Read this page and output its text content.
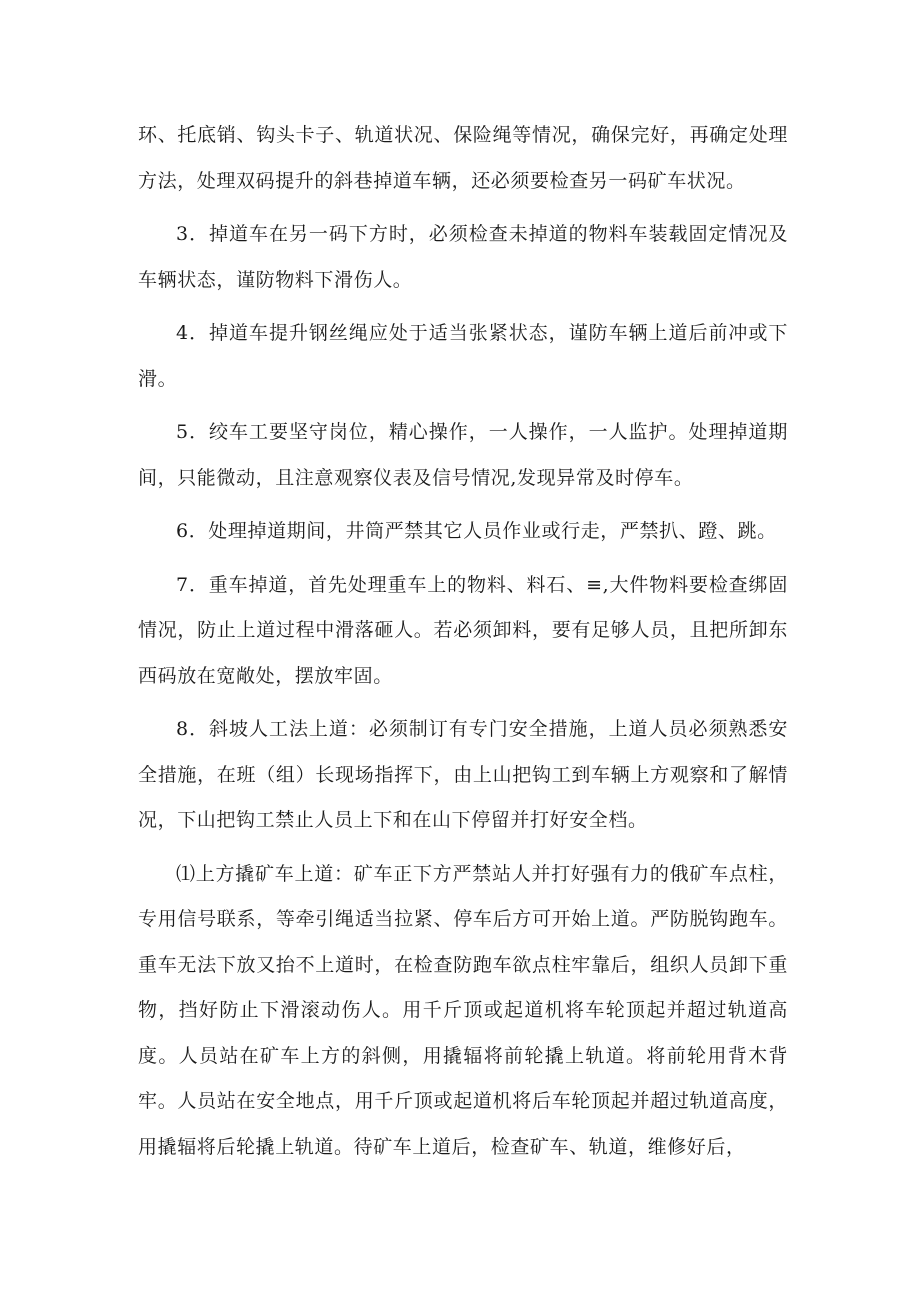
环、托底销、钩头卡子、轨道状况、保险绳等情况，确保完好，再确定处理方法，处理双码提升的斜巷掉道车辆，还必须要检查另一码矿车状况。

3．掉道车在另一码下方时，必须检查未掉道的物料车装载固定情况及车辆状态，谨防物料下滑伤人。

4．掉道车提升钢丝绳应处于适当张紧状态，谨防车辆上道后前冲或下滑。

5．绞车工要坚守岗位，精心操作，一人操作，一人监护。处理掉道期间，只能微动，且注意观察仪表及信号情况,发现异常及时停车。

6．处理掉道期间，井筒严禁其它人员作业或行走，严禁扒、蹬、跳。

7．重车掉道，首先处理重车上的物料、料石、≡,大件物料要检查绑固情况，防止上道过程中滑落砸人。若必须卸料，要有足够人员，且把所卸东西码放在宽敞处，摆放牢固。

8．斜坡人工法上道：必须制订有专门安全措施，上道人员必须熟悉安全措施，在班（组）长现场指挥下，由上山把钩工到车辆上方观察和了解情况，下山把钩工禁止人员上下和在山下停留并打好安全档。

⑴上方撬矿车上道：矿车正下方严禁站人并打好强有力的俄矿车点柱，专用信号联系，等牵引绳适当拉紧、停车后方可开始上道。严防脱钩跑车。重车无法下放又抬不上道时，在检查防跑车欲点柱牢靠后，组织人员卸下重物，挡好防止下滑滚动伤人。用千斤顶或起道机将车轮顶起并超过轨道高度。人员站在矿车上方的斜侧，用撬辐将前轮撬上轨道。将前轮用背木背牢。人员站在安全地点，用千斤顶或起道机将后车轮顶起并超过轨道高度，用撬辐将后轮撬上轨道。待矿车上道后，检查矿车、轨道，维修好后，
